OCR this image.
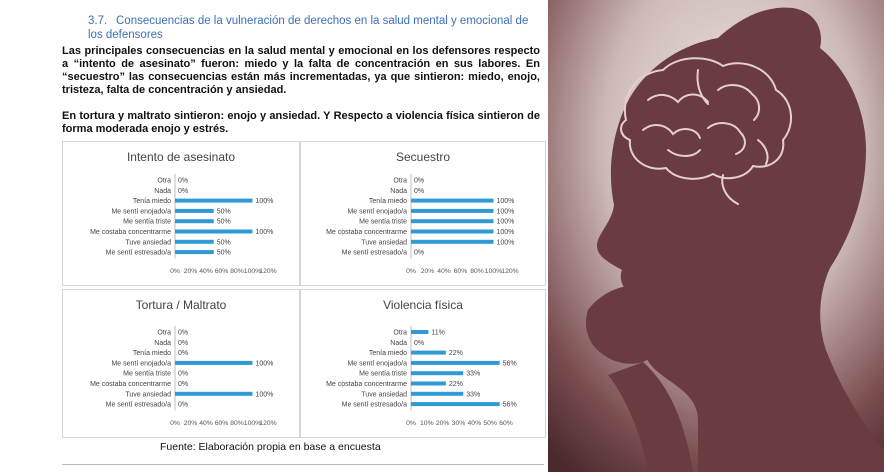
3.7. Consecuencias de la vulneración de derechos en la salud mental y emocional de los defensores
Las principales consecuencias en la salud mental y emocional en los defensores respecto a “intento de asesinato” fueron: miedo y la falta de concentración en sus labores. En “secuestro” las consecuencias están más incrementadas, ya que sintieron: miedo, enojo, tristeza, falta de concentración y ansiedad.
En tortura y maltrato sintieron: enojo y ansiedad. Y Respecto a violencia física sintieron de forma moderada enojo y estrés.
Intento de asesinato
Otra 0%
Nada 0%
Tenía miedo	100%
Me sentí enojado/a	50%
Me sentía triste	50%
Me costaba concentrarme	100%
Tuve ansiedad	50%
Me sentí estresado/a	50%
0% 20% 40% 60% 80% 100%
120%
Secuestro
Otra 0%
Nada 0%
Tenía miedo	100%
Me sentí enojado/a	100%
Me sentía triste	100%
Me costaba concentrarme	100%
Tuve ansiedad	100%
Me sentí estresado/a 0%
0% 20% 40% 60% 80% 100% 120%
Tortura / Maltrato
Otra 0%
Nada 0%
Tenía miedo 0%
Me sentí enojado/a	100%
Me sentía triste 0%
Me costaba concentrarme 0%
Tuve ansiedad	100%
Me sentí estresado/a 0%
0% 20% 40% 60% 80% 100%
120%
Violencia física
Otra	11%
Nada 0%
Tenía miedo	22%
Me sentí enojado/a	56%
Me sentía triste	33%
Me costaba concentrarme	22%
Tuve ansiedad	33%
Me sentí estresado/a	56%
0% 10% 20% 30% 40% 50% 60%
Fuente: Elaboración propia en base a encuesta
